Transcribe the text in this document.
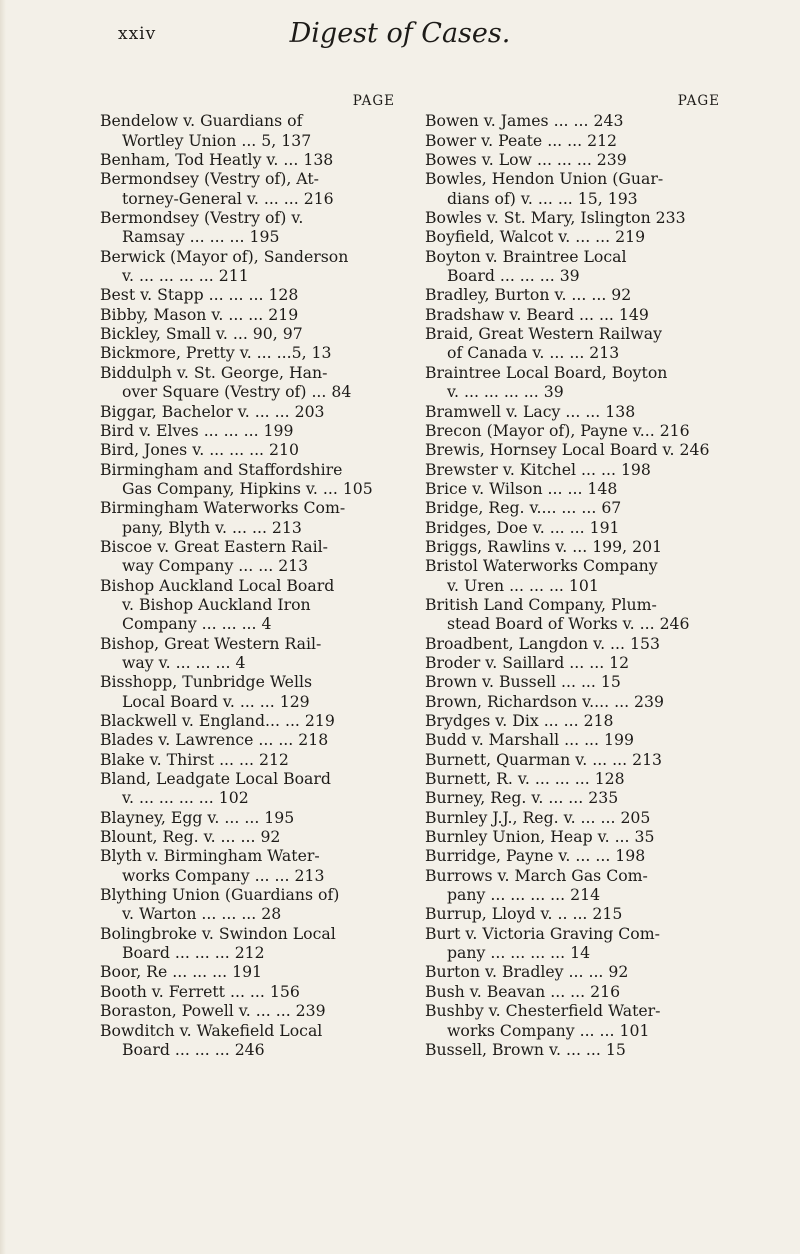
xxiv	Digest of Cases.
PAGE
Bendelow v. Guardians of
Wortley Union ... 5, 137
Benham, Tod Heatly v. ... 138
Bermondsey (Vestry of), At-
torney-General v. ... ... 216
Bermondsey (Vestry of) v.
Ramsay ... ... ... 195
Berwick (Mayor of), Sanderson
v. ... ... ... ... 211
Best v. Stapp ... ... ... 128
Bibby, Mason v. ... ... 219
Bickley, Small v. ... 90, 97
Bickmore, Pretty v. ... ...5, 13
Biddulph v. St. George, Han-
over Square (Vestry of) ... 84
Biggar, Bachelor v. ... ... 203
Bird v. Elves ... ... ... 199
Bird, Jones v. ... ... ... 210
Birmingham and Staffordshire
Gas Company, Hipkins v. ... 105
Birmingham Waterworks Com-
pany, Blyth v. ... ... 213
Biscoe v. Great Eastern Rail-
way Company ... ... 213
Bishop Auckland Local Board
v. Bishop Auckland Iron
Company ... ... ... 4
Bishop, Great Western Rail-
way v. ... ... ... 4
Bisshopp, Tunbridge Wells
Local Board v. ... ... 129
Blackwell v. England... ... 219
Blades v. Lawrence ... ... 218
Blake v. Thirst ... ... 212
Bland, Leadgate Local Board
v. ... ... ... ... 102
Blayney, Egg v. ... ... 195
Blount, Reg. v. ... ... 92
Blyth v. Birmingham Water-
works Company ... ... 213
Blything Union (Guardians of)
v. Warton ... ... ... 28
Bolingbroke v. Swindon Local
Board ... ... ... 212
Boor, Re ... ... ... 191
Booth v. Ferrett ... ... 156
Boraston, Powell v. ... ... 239
Bowditch v. Wakefield Local
Board ... ... ... 246
PAGE
Bowen v. James ... ... 243
Bower v. Peate ... ... 212
Bowes v. Low ... ... ... 239
Bowles, Hendon Union (Guar-
dians of) v. ... ... 15, 193
Bowles v. St. Mary, Islington 233
Boyfield, Walcot v. ... ... 219
Boyton v. Braintree Local
Board ... ... ... 39
Bradley, Burton v. ... ... 92
Bradshaw v. Beard ... ... 149
Braid, Great Western Railway
of Canada v. ... ... 213
Braintree Local Board, Boyton
v. ... ... ... ... 39
Bramwell v. Lacy ... ... 138
Brecon (Mayor of), Payne v... 216
Brewis, Hornsey Local Board v. 246
Brewster v. Kitchel ... ... 198
Brice v. Wilson ... ... 148
Bridge, Reg. v.... ... ... 67
Bridges, Doe v. ... ... 191
Briggs, Rawlins v. ... 199, 201
Bristol Waterworks Company
v. Uren ... ... ... 101
British Land Company, Plum-
stead Board of Works v. ... 246
Broadbent, Langdon v. ... 153
Broder v. Saillard ... ... 12
Brown v. Bussell ... ... 15
Brown, Richardson v.... ... 239
Brydges v. Dix ... ... 218
Budd v. Marshall ... ... 199
Burnett, Quarman v. ... ... 213
Burnett, R. v. ... ... ... 128
Burney, Reg. v. ... ... 235
Burnley J.J., Reg. v. ... ... 205
Burnley Union, Heap v. ... 35
Burridge, Payne v. ... ... 198
Burrows v. March Gas Com-
pany ... ... ... ... 214
Burrup, Lloyd v. .. ... 215
Burt v. Victoria Graving Com-
pany ... ... ... ... 14
Burton v. Bradley ... ... 92
Bush v. Beavan ... ... 216
Bushby v. Chesterfield Water-
works Company ... ... 101
Bussell, Brown v. ... ... 15
